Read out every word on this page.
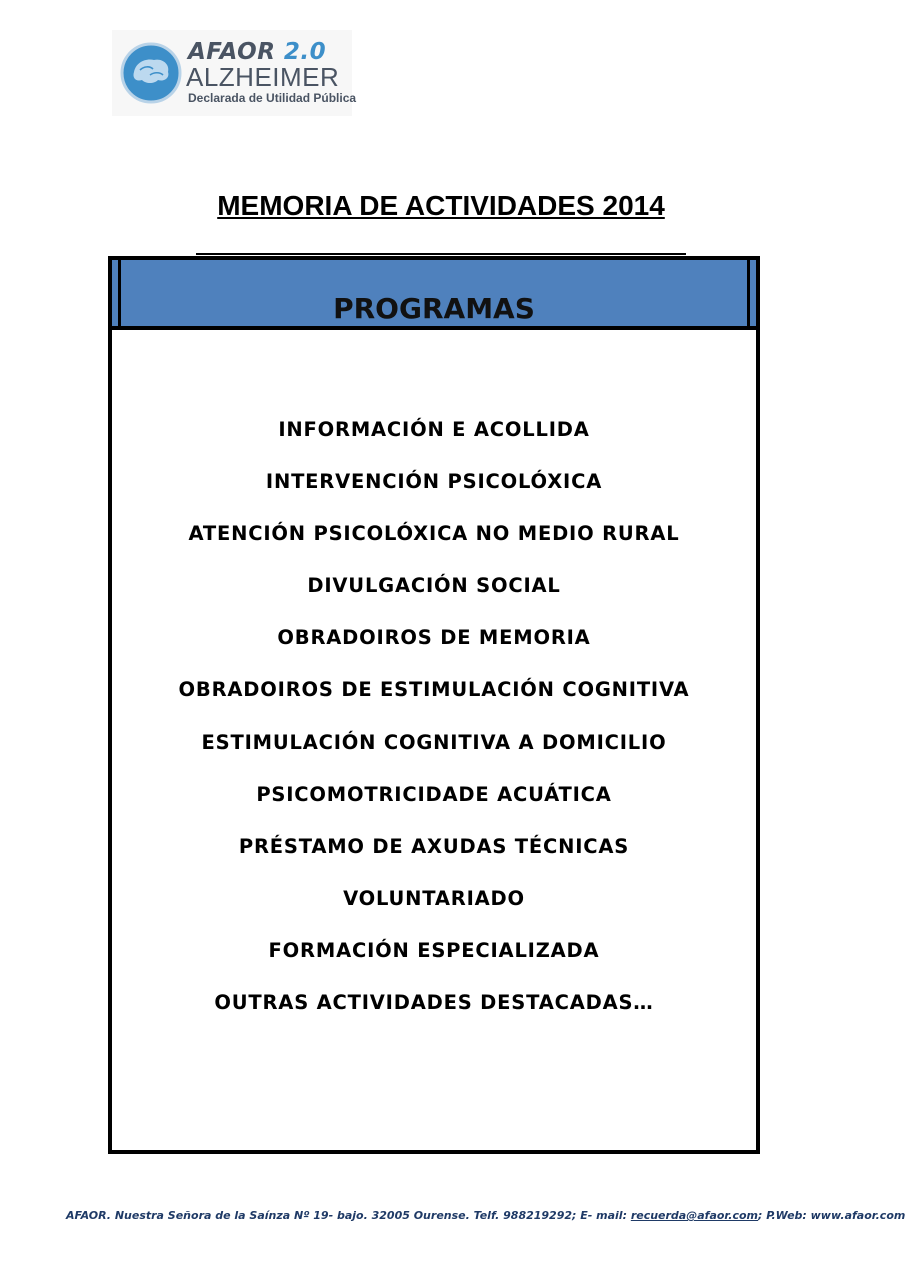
AFAOR 2.0
ALZHEIMER
Declarada de Utilidad Pública
MEMORIA DE ACTIVIDADES 2014
PROGRAMAS
INFORMACIÓN E ACOLLIDA
INTERVENCIÓN PSICOLÓXICA
ATENCIÓN PSICOLÓXICA NO MEDIO RURAL
DIVULGACIÓN SOCIAL
OBRADOIROS DE MEMORIA
OBRADOIROS DE ESTIMULACIÓN COGNITIVA
ESTIMULACIÓN COGNITIVA A DOMICILIO
PSICOMOTRICIDADE ACUÁTICA
PRÉSTAMO DE AXUDAS TÉCNICAS
VOLUNTARIADO
FORMACIÓN ESPECIALIZADA
OUTRAS ACTIVIDADES DESTACADAS…
AFAOR. Nuestra Señora de la Saínza Nº 19- bajo. 32005 Ourense. Telf. 988219292; E- mail: recuerda@afaor.com; P.Web: www.afaor.com
